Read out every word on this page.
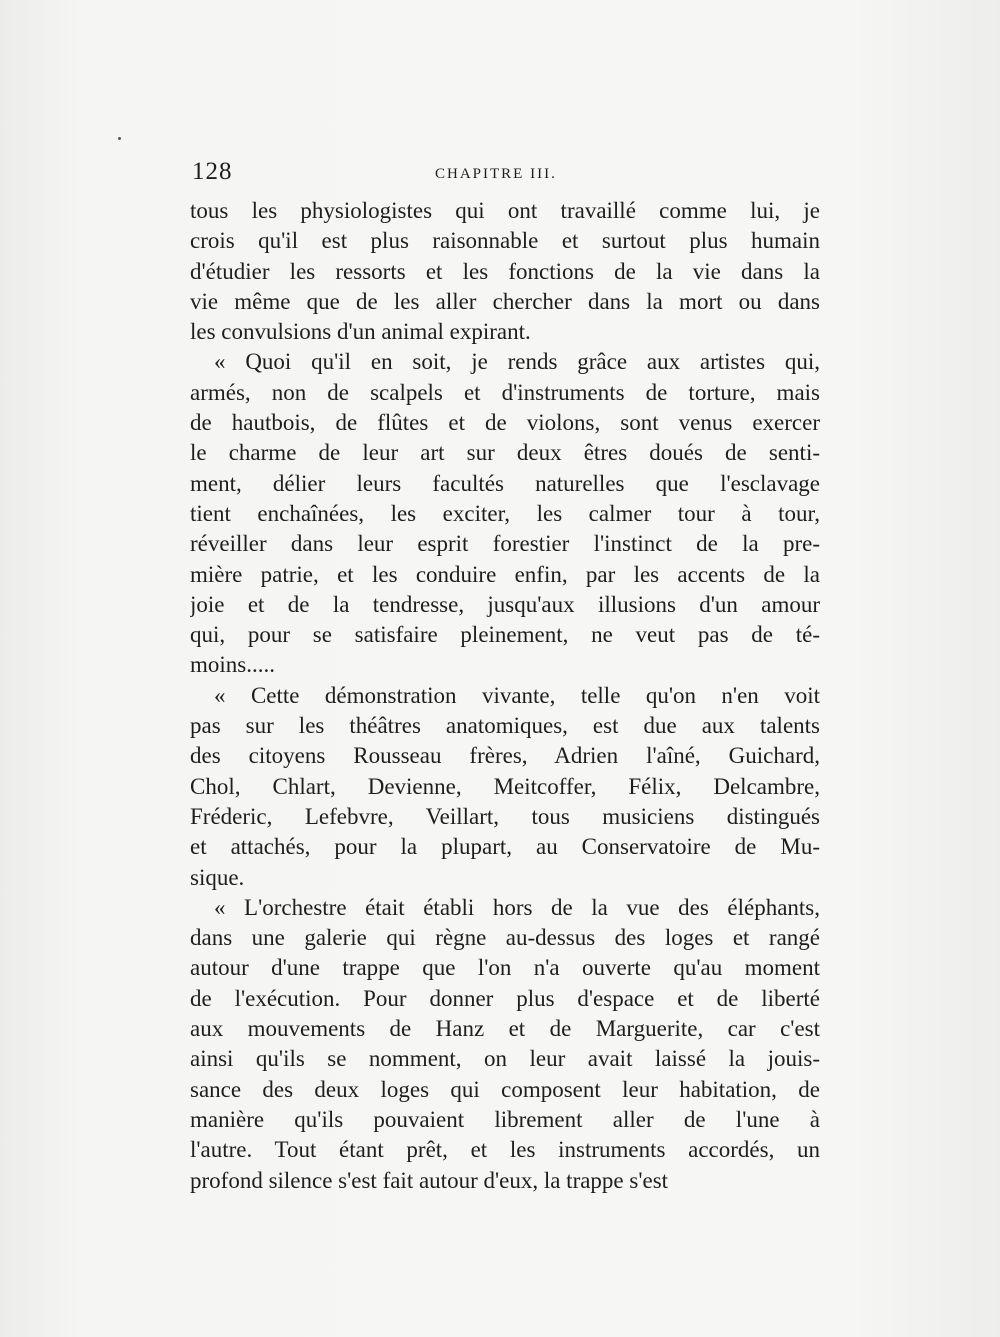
128	CHAPITRE III.
tous les physiologistes qui ont travaillé comme lui, je
crois qu'il est plus raisonnable et surtout plus humain
d'étudier les ressorts et les fonctions de la vie dans la
vie même que de les aller chercher dans la mort ou dans
les convulsions d'un animal expirant.
« Quoi qu'il en soit, je rends grâce aux artistes qui,
armés, non de scalpels et d'instruments de torture, mais
de hautbois, de flûtes et de violons, sont venus exercer
le charme de leur art sur deux êtres doués de senti-
ment, délier leurs facultés naturelles que l'esclavage
tient enchaînées, les exciter, les calmer tour à tour,
réveiller dans leur esprit forestier l'instinct de la pre-
mière patrie, et les conduire enfin, par les accents de la
joie et de la tendresse, jusqu'aux illusions d'un amour
qui, pour se satisfaire pleinement, ne veut pas de té-
moins.....
« Cette démonstration vivante, telle qu'on n'en voit
pas sur les théâtres anatomiques, est due aux talents
des citoyens Rousseau frères, Adrien l'aîné, Guichard,
Chol, Chlart, Devienne, Meitcoffer, Félix, Delcambre,
Fréderic, Lefebvre, Veillart, tous musiciens distingués
et attachés, pour la plupart, au Conservatoire de Mu-
sique.
« L'orchestre était établi hors de la vue des éléphants,
dans une galerie qui règne au-dessus des loges et rangé
autour d'une trappe que l'on n'a ouverte qu'au moment
de l'exécution. Pour donner plus d'espace et de liberté
aux mouvements de Hanz et de Marguerite, car c'est
ainsi qu'ils se nomment, on leur avait laissé la jouis-
sance des deux loges qui composent leur habitation, de
manière qu'ils pouvaient librement aller de l'une à
l'autre. Tout étant prêt, et les instruments accordés, un
profond silence s'est fait autour d'eux, la trappe s'est
